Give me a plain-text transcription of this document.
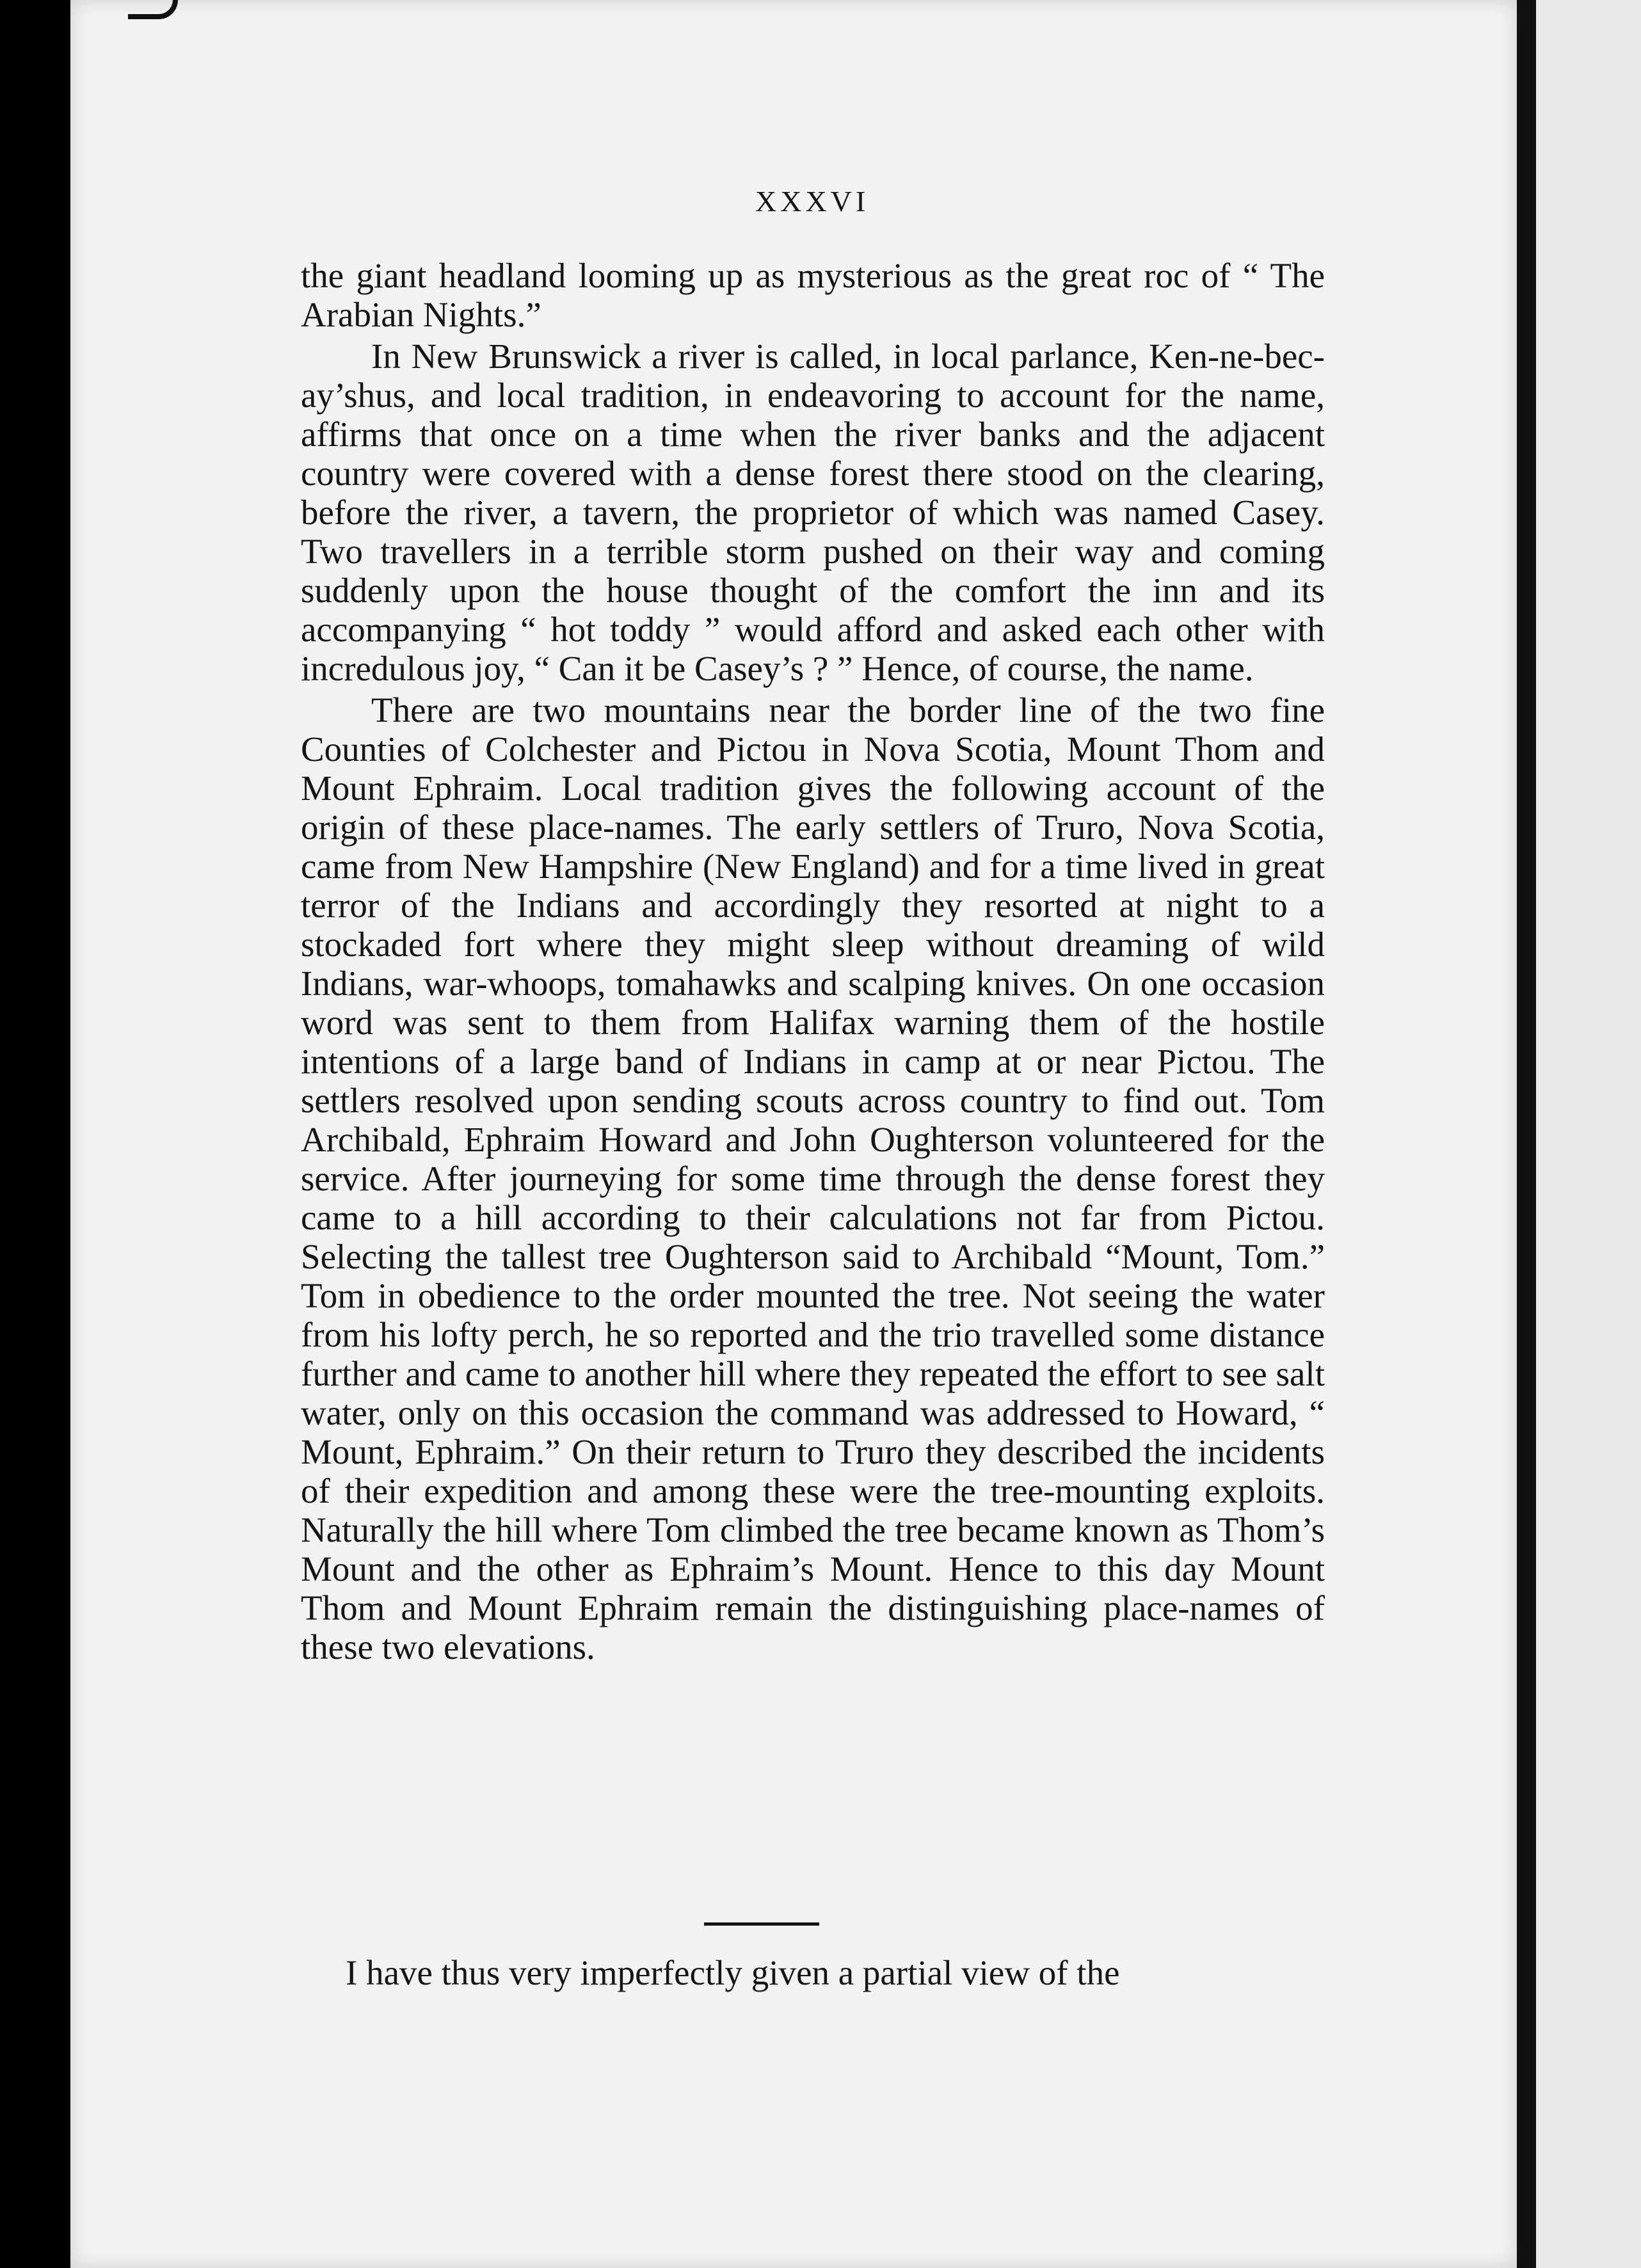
XXXVI

the giant headland looming up as mysterious as the great roc of “ The Arabian Nights.”

In New Brunswick a river is called, in local parlance, Ken-ne-bec-ay’shus, and local tradition, in endeavoring to account for the name, affirms that once on a time when the river banks and the adjacent country were covered with a dense forest there stood on the clearing, before the river, a tavern, the proprietor of which was named Casey. Two travellers in a terrible storm pushed on their way and coming suddenly upon the house thought of the comfort the inn and its accompanying “ hot toddy ” would afford and asked each other with incredulous joy, “ Can it be Casey’s ? ” Hence, of course, the name.

There are two mountains near the border line of the two fine Counties of Colchester and Pictou in Nova Scotia, Mount Thom and Mount Ephraim. Local tradition gives the following account of the origin of these place-names. The early settlers of Truro, Nova Scotia, came from New Hampshire (New England) and for a time lived in great terror of the Indians and accordingly they resorted at night to a stockaded fort where they might sleep without dreaming of wild Indians, war-whoops, tomahawks and scalping knives. On one occasion word was sent to them from Halifax warning them of the hostile intentions of a large band of Indians in camp at or near Pictou. The settlers resolved upon sending scouts across country to find out. Tom Archibald, Ephraim Howard and John Oughterson volunteered for the service. After journeying for some time through the dense forest they came to a hill according to their calculations not far from Pictou. Selecting the tallest tree Oughterson said to Archibald “Mount, Tom.” Tom in obedience to the order mounted the tree. Not seeing the water from his lofty perch, he so reported and the trio travelled some distance further and came to another hill where they repeated the effort to see salt water, only on this occasion the command was addressed to Howard, “ Mount, Ephraim.” On their return to Truro they described the incidents of their expedition and among these were the tree-mounting exploits. Naturally the hill where Tom climbed the tree became known as Thom’s Mount and the other as Ephraim’s Mount. Hence to this day Mount Thom and Mount Ephraim remain the distinguishing place-names of these two elevations.

I have thus very imperfectly given a partial view of the
